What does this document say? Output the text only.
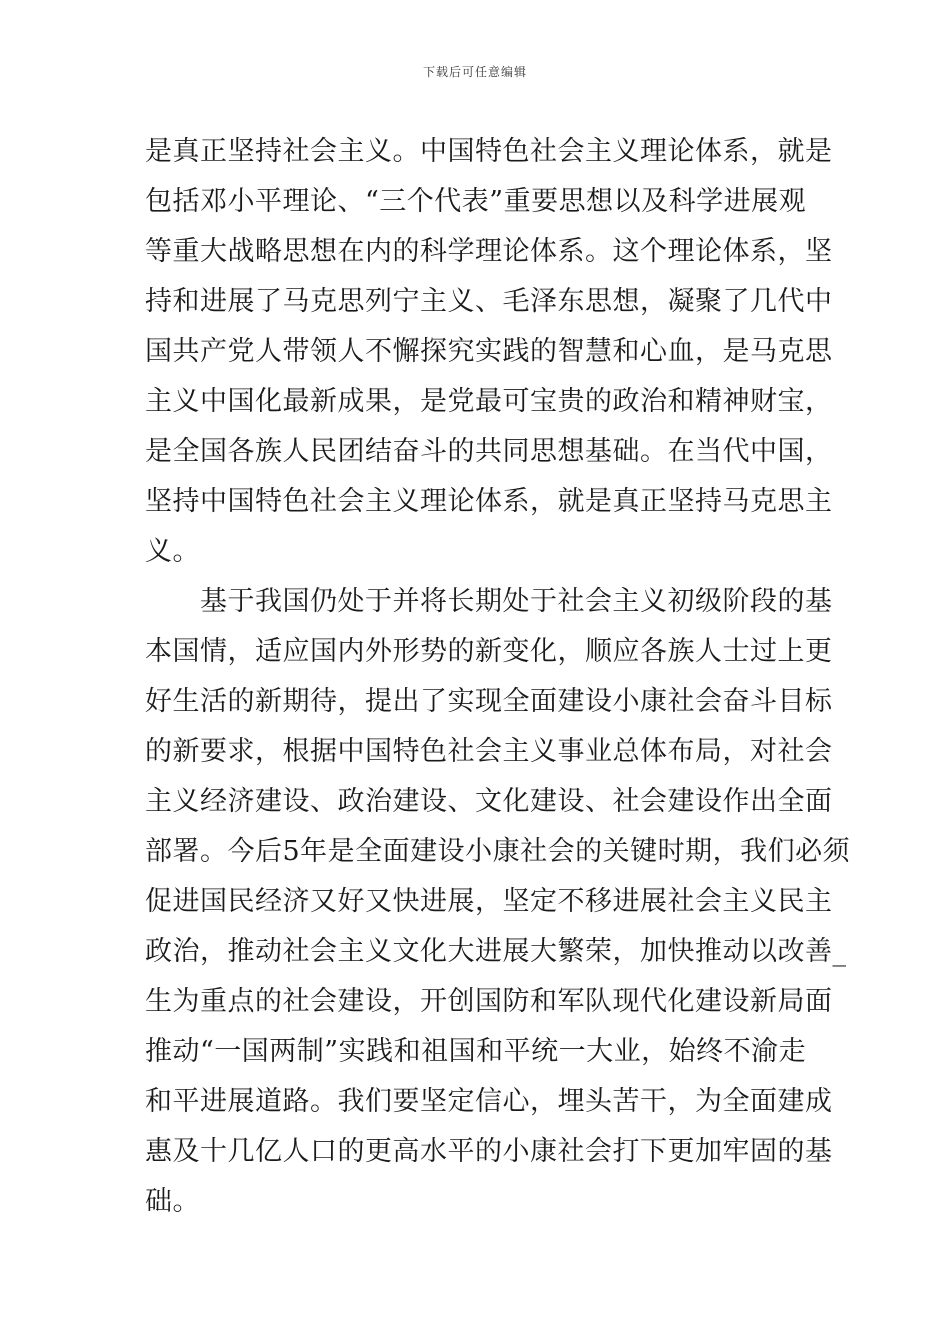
下载后可任意编辑
是真正坚持社会主义。中国特色社会主义理论体系，就是
包括邓小平理论、“三个代表”重要思想以及科学进展观
等重大战略思想在内的科学理论体系。这个理论体系，坚
持和进展了马克思列宁主义、毛泽东思想，凝聚了几代中
国共产党人带领人不懈探究实践的智慧和心血，是马克思
主义中国化最新成果，是党最可宝贵的政治和精神财宝，
是全国各族人民团结奋斗的共同思想基础。在当代中国，
坚持中国特色社会主义理论体系，就是真正坚持马克思主
义。
基于我国仍处于并将长期处于社会主义初级阶段的基
本国情，适应国内外形势的新变化，顺应各族人士过上更
好生活的新期待，提出了实现全面建设小康社会奋斗目标
的新要求，根据中国特色社会主义事业总体布局，对社会
主义经济建设、政治建设、文化建设、社会建设作出全面
部署。今后5年是全面建设小康社会的关键时期，我们必须
促进国民经济又好又快进展，坚定不移进展社会主义民主
政治，推动社会主义文化大进展大繁荣，加快推动以改善_
生为重点的社会建设，开创国防和军队现代化建设新局面
推动“一国两制”实践和祖国和平统一大业，始终不渝走
和平进展道路。我们要坚定信心，埋头苦干，为全面建成
惠及十几亿人口的更高水平的小康社会打下更加牢固的基
础。
